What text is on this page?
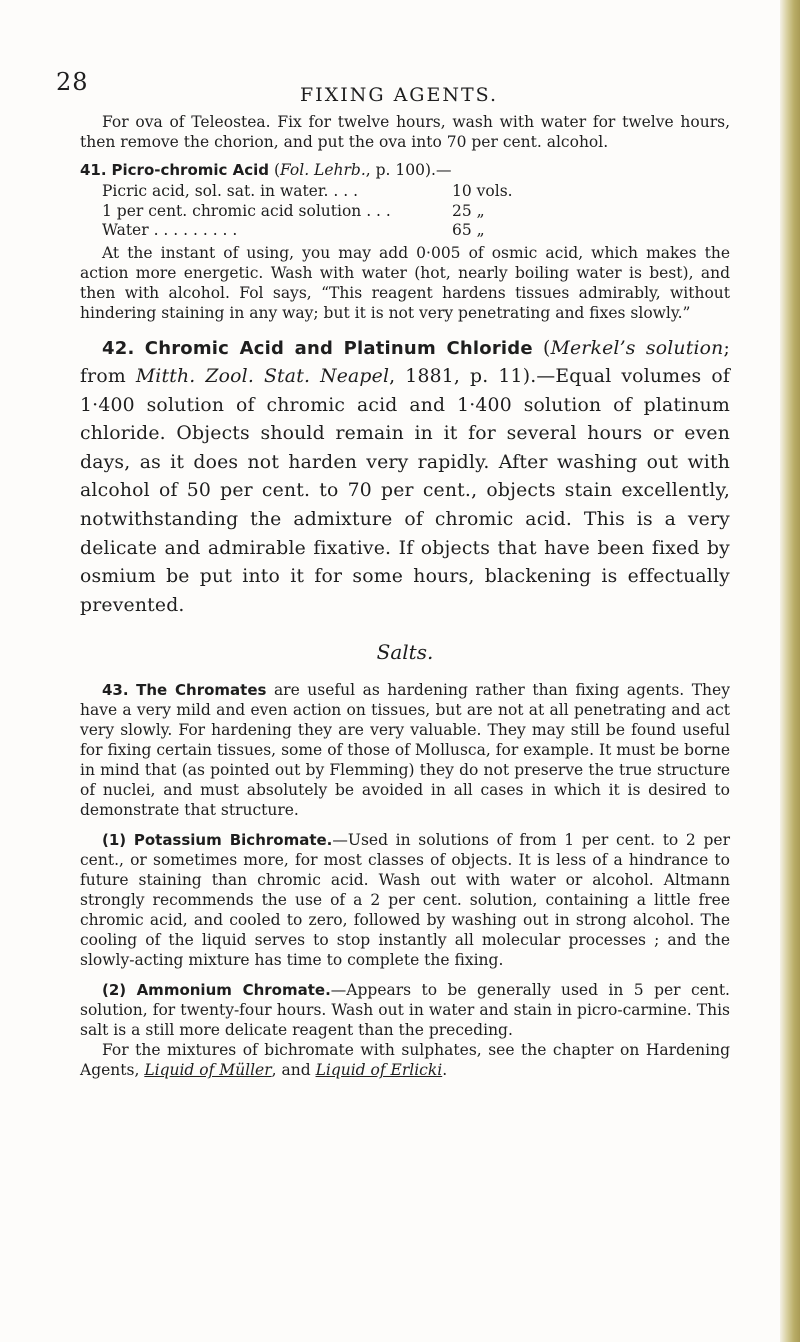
28	FIXING AGENTS.

For ova of Teleostea. Fix for twelve hours, wash with water for twelve hours, then remove the chorion, and put the ova into 70 per cent. alcohol.

41. Picro-chromic Acid (Fol. Lehrb., p. 100).—

Picric acid, sol. sat. in water. . . .	10 vols.
1 per cent. chromic acid solution . . .	25 „
Water . . . . . . . . .	65 „

At the instant of using, you may add 0·005 of osmic acid, which makes the action more energetic. Wash with water (hot, nearly boiling water is best), and then with alcohol. Fol says, “This reagent hardens tissues admirably, without hindering staining in any way; but it is not very penetrating and fixes slowly.”

42. Chromic Acid and Platinum Chloride (Merkel’s solution; from Mitth. Zool. Stat. Neapel, 1881, p. 11).—Equal volumes of 1·400 solution of chromic acid and 1·400 solution of platinum chloride. Objects should remain in it for several hours or even days, as it does not harden very rapidly. After washing out with alcohol of 50 per cent. to 70 per cent., objects stain excellently, notwithstanding the admixture of chromic acid. This is a very delicate and admirable fixative. If objects that have been fixed by osmium be put into it for some hours, blackening is effectually prevented.

Salts.

43. The Chromates are useful as hardening rather than fixing agents. They have a very mild and even action on tissues, but are not at all penetrating and act very slowly. For hardening they are very valuable. They may still be found useful for fixing certain tissues, some of those of Mollusca, for example. It must be borne in mind that (as pointed out by Flemming) they do not preserve the true structure of nuclei, and must absolutely be avoided in all cases in which it is desired to demonstrate that structure.

(1) Potassium Bichromate.—Used in solutions of from 1 per cent. to 2 per cent., or sometimes more, for most classes of objects. It is less of a hindrance to future staining than chromic acid. Wash out with water or alcohol. Altmann strongly recommends the use of a 2 per cent. solution, containing a little free chromic acid, and cooled to zero, followed by washing out in strong alcohol. The cooling of the liquid serves to stop instantly all molecular processes ; and the slowly-acting mixture has time to complete the fixing.

(2) Ammonium Chromate.—Appears to be generally used in 5 per cent. solution, for twenty-four hours. Wash out in water and stain in picro-carmine. This salt is a still more delicate reagent than the preceding.

For the mixtures of bichromate with sulphates, see the chapter on Hardening Agents, Liquid of Müller, and Liquid of Erlicki.
